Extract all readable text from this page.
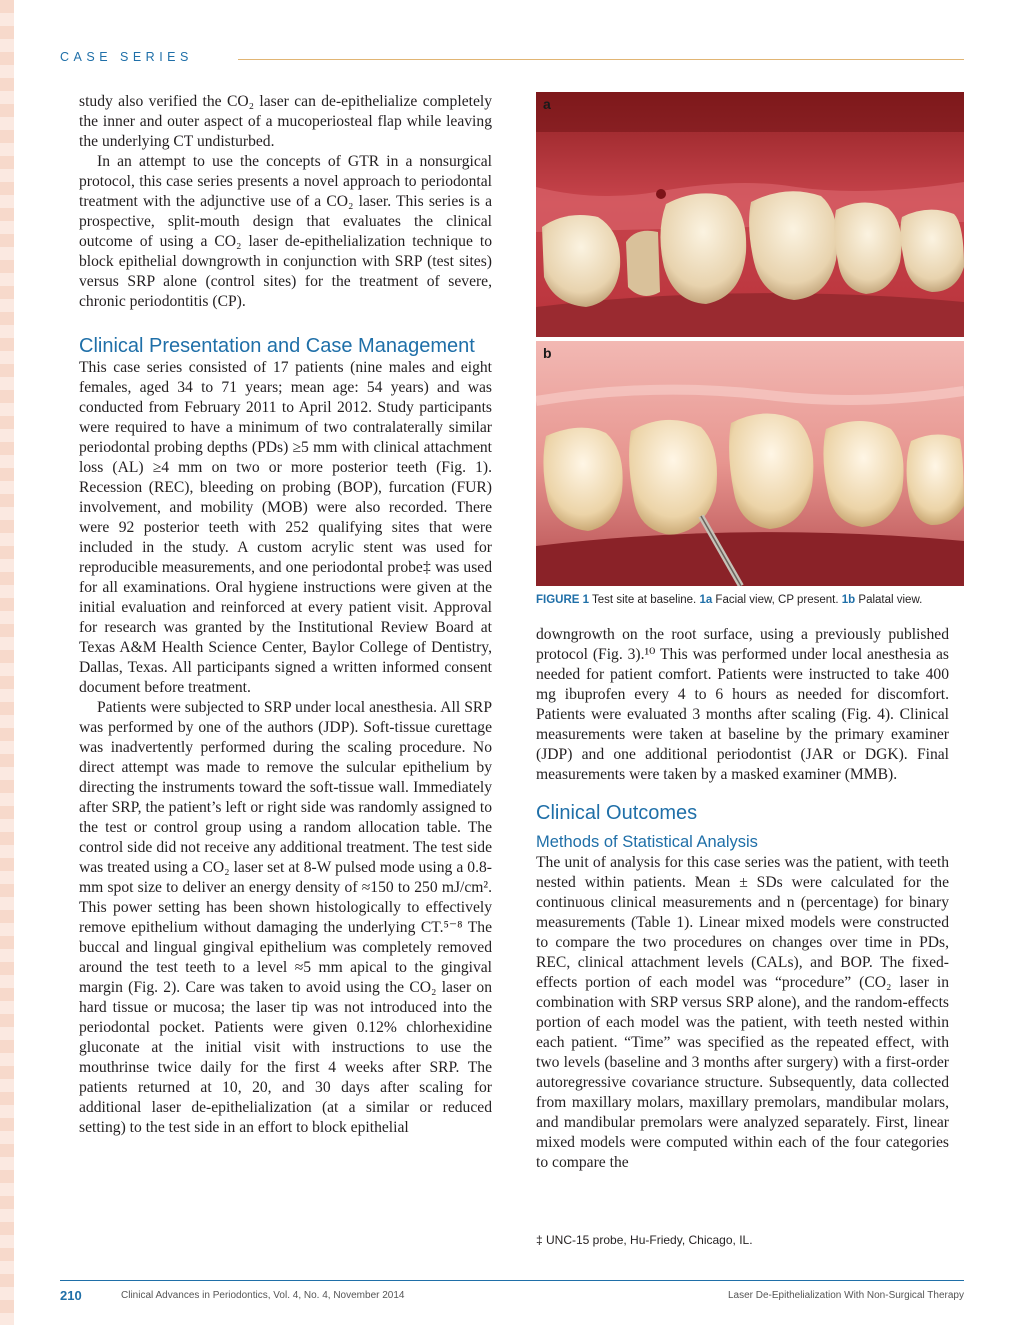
CASE SERIES

study also verified the CO₂ laser can de-epithelialize completely the inner and outer aspect of a mucoperiosteal flap while leaving the underlying CT undisturbed.

In an attempt to use the concepts of GTR in a nonsurgical protocol, this case series presents a novel approach to periodontal treatment with the adjunctive use of a CO₂ laser. This series is a prospective, split-mouth design that evaluates the clinical outcome of using a CO₂ laser de-epithelialization technique to block epithelial downgrowth in conjunction with SRP (test sites) versus SRP alone (control sites) for the treatment of severe, chronic periodontitis (CP).

Clinical Presentation and Case Management

This case series consisted of 17 patients (nine males and eight females, aged 34 to 71 years; mean age: 54 years) and was conducted from February 2011 to April 2012. Study participants were required to have a minimum of two contralaterally similar periodontal probing depths (PDs) ≥5 mm with clinical attachment loss (AL) ≥4 mm on two or more posterior teeth (Fig. 1). Recession (REC), bleeding on probing (BOP), furcation (FUR) involvement, and mobility (MOB) were also recorded. There were 92 posterior teeth with 252 qualifying sites that were included in the study. A custom acrylic stent was used for reproducible measurements, and one periodontal probe‡ was used for all examinations. Oral hygiene instructions were given at the initial evaluation and reinforced at every patient visit. Approval for research was granted by the Institutional Review Board at Texas A&M Health Science Center, Baylor College of Dentistry, Dallas, Texas. All participants signed a written informed consent document before treatment.

Patients were subjected to SRP under local anesthesia. All SRP was performed by one of the authors (JDP). Soft-tissue curettage was inadvertently performed during the scaling procedure. No direct attempt was made to remove the sulcular epithelium by directing the instruments toward the soft-tissue wall. Immediately after SRP, the patient’s left or right side was randomly assigned to the test or control group using a random allocation table. The control side did not receive any additional treatment. The test side was treated using a CO₂ laser set at 8-W pulsed mode using a 0.8-mm spot size to deliver an energy density of ≈150 to 250 mJ/cm². This power setting has been shown histologically to effectively remove epithelium without damaging the underlying CT.⁵⁻⁸ The buccal and lingual gingival epithelium was completely removed around the test teeth to a level ≈5 mm apical to the gingival margin (Fig. 2). Care was taken to avoid using the CO₂ laser on hard tissue or mucosa; the laser tip was not introduced into the periodontal pocket. Patients were given 0.12% chlorhexidine gluconate at the initial visit with instructions to use the mouthrinse twice daily for the first 4 weeks after SRP. The patients returned at 10, 20, and 30 days after scaling for additional laser de-epithelialization (at a similar or reduced setting) to the test side in an effort to block epithelial

a
b
FIGURE 1 Test site at baseline. 1a Facial view, CP present. 1b Palatal view.

downgrowth on the root surface, using a previously published protocol (Fig. 3).¹⁰ This was performed under local anesthesia as needed for patient comfort. Patients were instructed to take 400 mg ibuprofen every 4 to 6 hours as needed for discomfort. Patients were evaluated 3 months after scaling (Fig. 4). Clinical measurements were taken at baseline by the primary examiner (JDP) and one additional periodontist (JAR or DGK). Final measurements were taken by a masked examiner (MMB).

Clinical Outcomes
Methods of Statistical Analysis

The unit of analysis for this case series was the patient, with teeth nested within patients. Mean ± SDs were calculated for the continuous clinical measurements and n (percentage) for binary measurements (Table 1). Linear mixed models were constructed to compare the two procedures on changes over time in PDs, REC, clinical attachment levels (CALs), and BOP. The fixed-effects portion of each model was “procedure” (CO₂ laser in combination with SRP versus SRP alone), and the random-effects portion of each model was the patient, with teeth nested within each patient. “Time” was specified as the repeated effect, with two levels (baseline and 3 months after surgery) with a first-order autoregressive covariance structure. Subsequently, data collected from maxillary molars, maxillary premolars, mandibular molars, and mandibular premolars were analyzed separately. First, linear mixed models were computed within each of the four categories to compare the

‡ UNC-15 probe, Hu-Friedy, Chicago, IL.
210	Clinical Advances in Periodontics, Vol. 4, No. 4, November 2014	Laser De-Epithelialization With Non-Surgical Therapy
